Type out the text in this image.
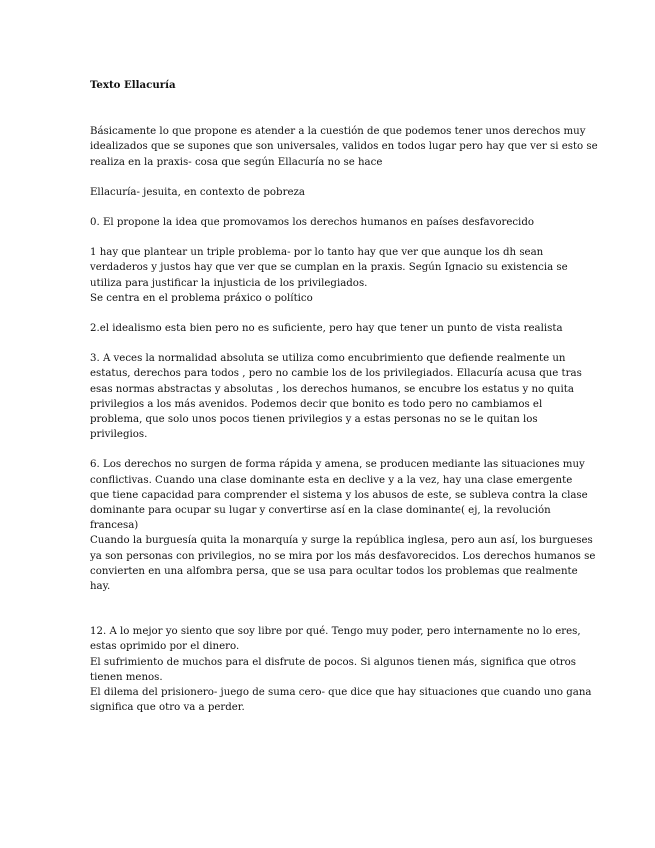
Texto Ellacuría
Básicamente lo que propone es atender a la cuestión de que podemos tener unos derechos muy
idealizados que se supones que son universales, validos en todos lugar pero hay que ver si esto se
realiza en la praxis- cosa que según Ellacuría no se hace
Ellacuría- jesuita, en contexto de pobreza
0. El propone la idea que promovamos los derechos humanos en países desfavorecido
1 hay que plantear un triple problema- por lo tanto hay que ver que aunque los dh sean
verdaderos y justos hay que ver que se cumplan en la praxis. Según Ignacio su existencia se
utiliza para justificar la injusticia de los privilegiados.
Se centra en el problema práxico o político
2.el idealismo esta bien pero no es suficiente, pero hay que tener un punto de vista realista
3. A veces la normalidad absoluta se utiliza como encubrimiento que defiende realmente un
estatus, derechos para todos , pero no cambie los de los privilegiados. Ellacuría acusa que tras
esas normas abstractas y absolutas , los derechos humanos, se encubre los estatus y no quita
privilegios a los más avenidos. Podemos decir que bonito es todo pero no cambiamos el
problema, que solo unos pocos tienen privilegios y a estas personas no se le quitan los
privilegios.
6. Los derechos no surgen de forma rápida y amena, se producen mediante las situaciones muy
conflictivas. Cuando una clase dominante esta en declive y a la vez, hay una clase emergente
que tiene capacidad para comprender el sistema y los abusos de este, se subleva contra la clase
dominante para ocupar su lugar y convertirse así en la clase dominante( ej, la revolución
francesa)
Cuando la burguesía quita la monarquía y surge la república inglesa, pero aun así, los burgueses
ya son personas con privilegios, no se mira por los más desfavorecidos. Los derechos humanos se
convierten en una alfombra persa, que se usa para ocultar todos los problemas que realmente
hay.
12. A lo mejor yo siento que soy libre por qué. Tengo muy poder, pero internamente no lo eres,
estas oprimido por el dinero.
El sufrimiento de muchos para el disfrute de pocos. Si algunos tienen más, significa que otros
tienen menos.
El dilema del prisionero- juego de suma cero- que dice que hay situaciones que cuando uno gana
significa que otro va a perder.
